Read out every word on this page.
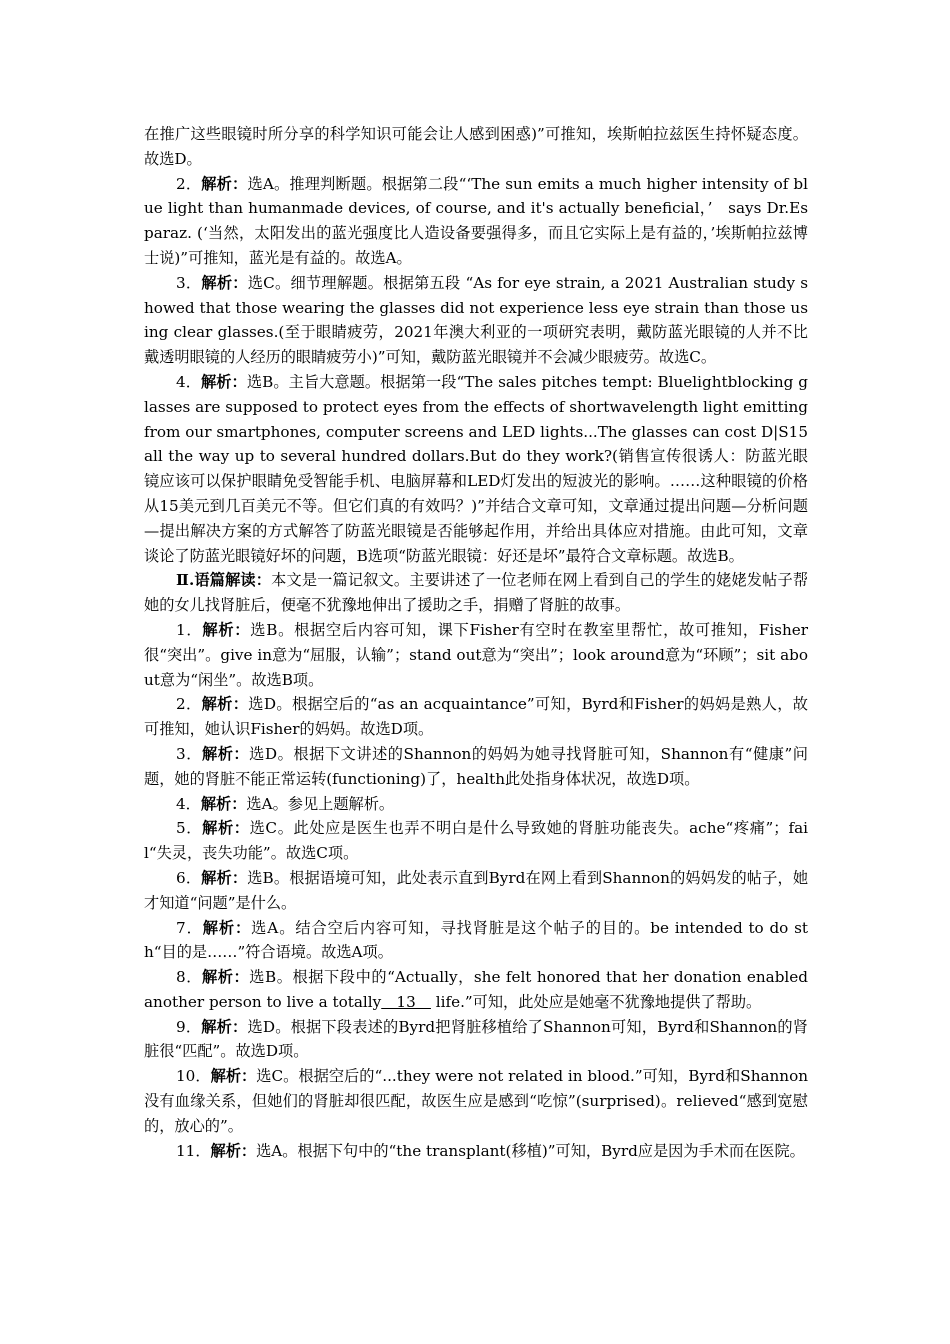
在推广这些眼镜时所分享的科学知识可能会让人感到困惑)”可推知，埃斯帕拉兹医生持怀疑态度。故选D。

2．解析：选A。推理判断题。根据第二段“‘The sun emits a much higher intensity of blue light than humanmade devices, of course, and it's actually beneficial，’　says Dr.Esparaz. (‘当然，太阳发出的蓝光强度比人造设备要强得多，而且它实际上是有益的，’埃斯帕拉兹博士说)”可推知，蓝光是有益的。故选A。

3．解析：选C。细节理解题。根据第五段 “As for eye strain, a 2021 Australian study showed that those wearing the glasses did not experience less eye strain than those using clear glasses.(至于眼睛疲劳，2021年澳大利亚的一项研究表明，戴防蓝光眼镜的人并不比戴透明眼镜的人经历的眼睛疲劳小)”可知，戴防蓝光眼镜并不会减少眼疲劳。故选C。

4．解析：选B。主旨大意题。根据第一段“The sales pitches tempt: Bluelightblocking glasses are supposed to protect eyes from the effects of shortwavelength light emitting from our smartphones, computer screens and LED lights...The glasses can cost D|S15 all the way up to several hundred dollars.But do they work?(销售宣传很诱人：防蓝光眼镜应该可以保护眼睛免受智能手机、电脑屏幕和LED灯发出的短波光的影响。……这种眼镜的价格从15美元到几百美元不等。但它们真的有效吗？)”并结合文章可知，文章通过提出问题—分析问题—提出解决方案的方式解答了防蓝光眼镜是否能够起作用，并给出具体应对措施。由此可知，文章谈论了防蓝光眼镜好坏的问题，B选项“防蓝光眼镜：好还是坏”最符合文章标题。故选B。

Ⅱ.语篇解读：本文是一篇记叙文。主要讲述了一位老师在网上看到自己的学生的姥姥发帖子帮她的女儿找肾脏后，便毫不犹豫地伸出了援助之手，捐赠了肾脏的故事。

1．解析：选B。根据空后内容可知，课下Fisher有空时在教室里帮忙，故可推知，Fisher很“突出”。give in意为“屈服，认输”；stand out意为“突出”；look around意为“环顾”；sit about意为“闲坐”。故选B项。

2．解析：选D。根据空后的“as an acquaintance”可知，Byrd和Fisher的妈妈是熟人，故可推知，她认识Fisher的妈妈。故选D项。

3．解析：选D。根据下文讲述的Shannon的妈妈为她寻找肾脏可知，Shannon有“健康”问题，她的肾脏不能正常运转(functioning)了，health此处指身体状况，故选D项。

4．解析：选A。参见上题解析。

5．解析：选C。此处应是医生也弄不明白是什么导致她的肾脏功能丧失。ache“疼痛”；fail“失灵，丧失功能”。故选C项。

6．解析：选B。根据语境可知，此处表示直到Byrd在网上看到Shannon的妈妈发的帖子，她才知道“问题”是什么。

7．解析：选A。结合空后内容可知，寻找肾脏是这个帖子的目的。be intended to do sth“目的是……”符合语境。故选A项。

8．解析：选B。根据下段中的“Actually，she felt honored that her donation enabled another person to live a totally　13　 life.”可知，此处应是她毫不犹豫地提供了帮助。

9．解析：选D。根据下段表述的Byrd把肾脏移植给了Shannon可知，Byrd和Shannon的肾脏很“匹配”。故选D项。

10．解析：选C。根据空后的“...they were not related in blood.”可知，Byrd和Shannon没有血缘关系，但她们的肾脏却很匹配，故医生应是感到“吃惊”(surprised)。relieved“感到宽慰的，放心的”。

11．解析：选A。根据下句中的“the transplant(移植)”可知，Byrd应是因为手术而在医院。
